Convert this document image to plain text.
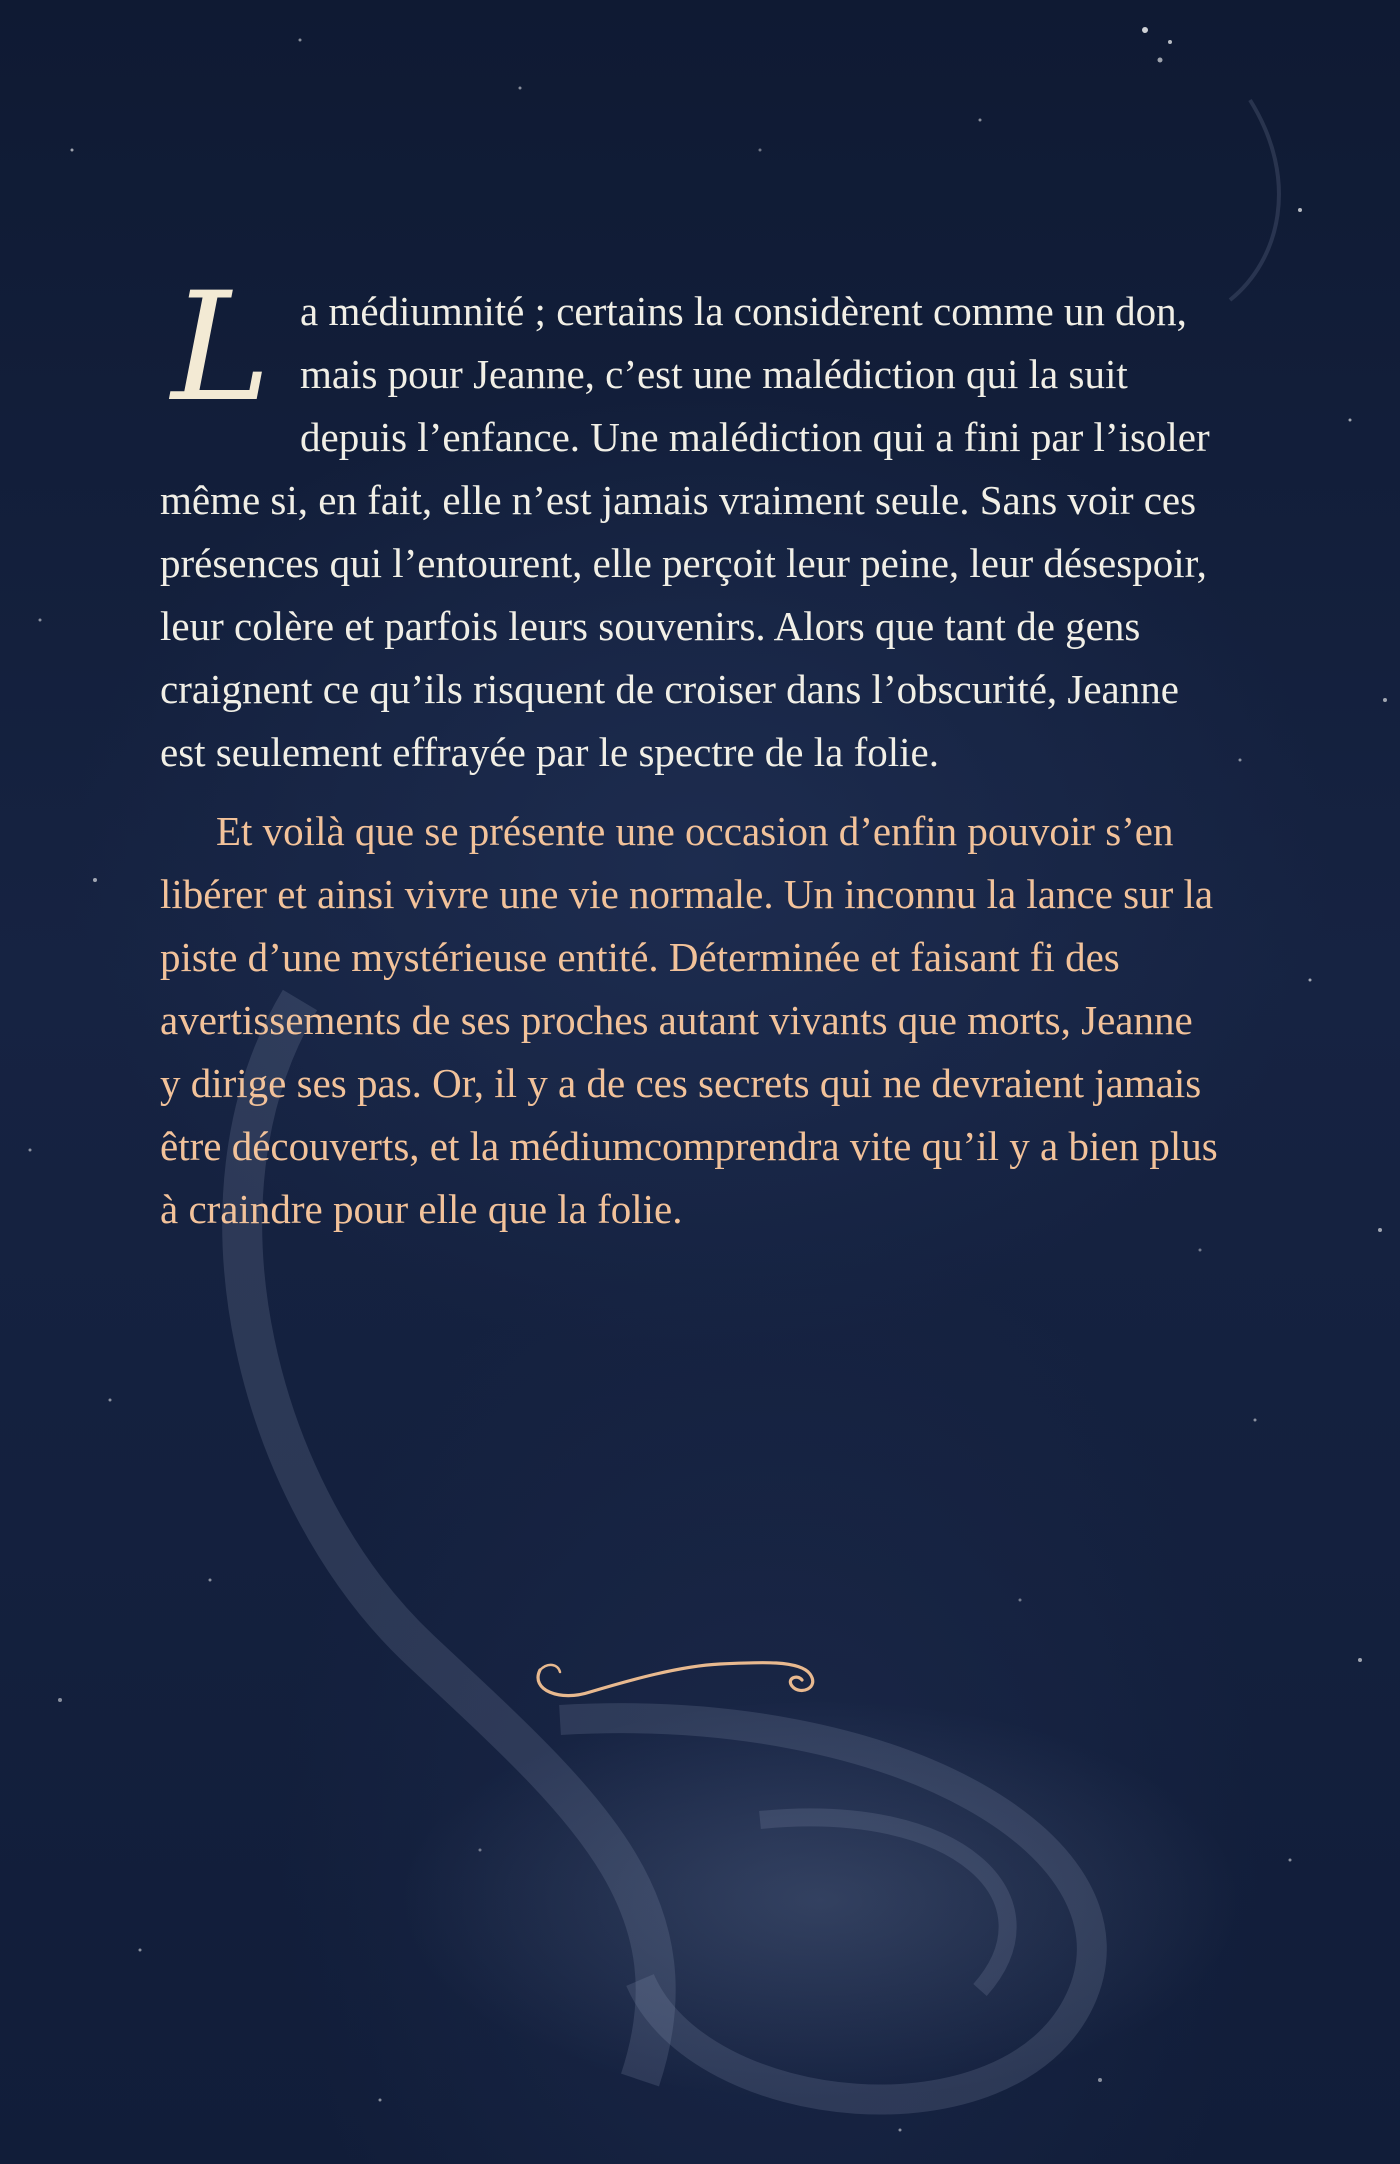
L a médiumnité ; certains la considèrent comme un don, mais pour Jeanne, c’est une malédiction qui la suit depuis l’enfance. Une malédiction qui a fini par l’isoler même si, en fait, elle n’est jamais vraiment seule. Sans voir ces présences qui l’entourent, elle perçoit leur peine, leur désespoir, leur colère et parfois leurs souvenirs. Alors que tant de gens craignent ce qu’ils risquent de croiser dans l’obscurité, Jeanne est seulement effrayée par le spectre de la folie.

Et voilà que se présente une occasion d’enfin pouvoir s’en libérer et ainsi vivre une vie normale. Un inconnu la lance sur la piste d’une mystérieuse entité. Déterminée et faisant fi des avertissements de ses proches autant vivants que morts, Jeanne y dirige ses pas. Or, il y a de ces secrets qui ne devraient jamais être découverts, et la médiumcomprendra vite qu’il y a bien plus à craindre pour elle que la folie.
